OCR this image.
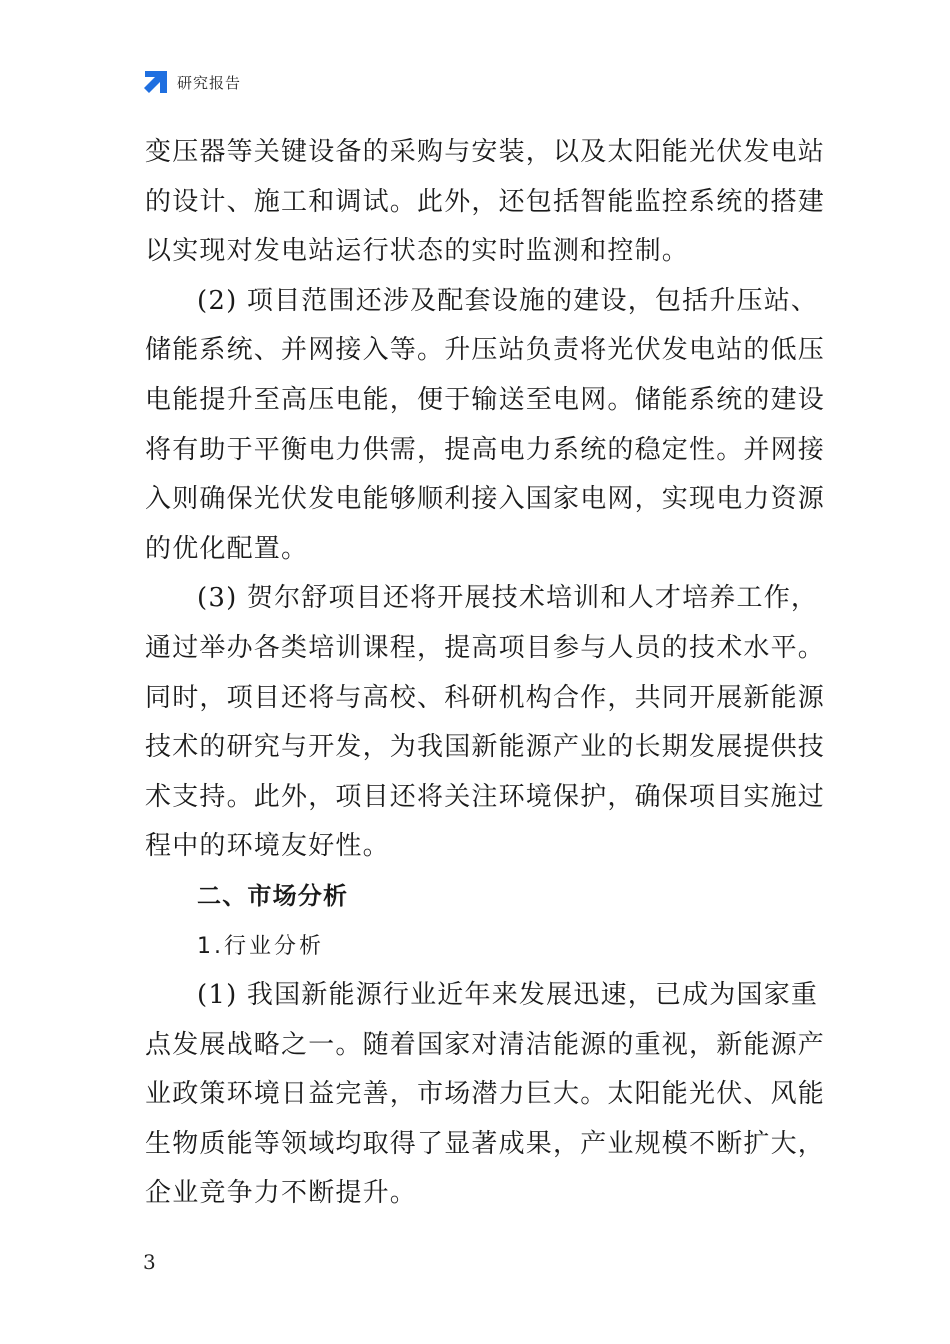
研究报告
变压器等关键设备的采购与安装，以及太阳能光伏发电站
的设计、施工和调试。此外，还包括智能监控系统的搭建
以实现对发电站运行状态的实时监测和控制。
(2) 项目范围还涉及配套设施的建设，包括升压站、
储能系统、并网接入等。升压站负责将光伏发电站的低压
电能提升至高压电能，便于输送至电网。储能系统的建设
将有助于平衡电力供需，提高电力系统的稳定性。并网接
入则确保光伏发电能够顺利接入国家电网，实现电力资源
的优化配置。
(3) 贺尔舒项目还将开展技术培训和人才培养工作，
通过举办各类培训课程，提高项目参与人员的技术水平。
同时，项目还将与高校、科研机构合作，共同开展新能源
技术的研究与开发，为我国新能源产业的长期发展提供技
术支持。此外，项目还将关注环境保护，确保项目实施过
程中的环境友好性。
二、市场分析
1.行业分析
(1) 我国新能源行业近年来发展迅速，已成为国家重
点发展战略之一。随着国家对清洁能源的重视，新能源产
业政策环境日益完善，市场潜力巨大。太阳能光伏、风能
生物质能等领域均取得了显著成果，产业规模不断扩大，
企业竞争力不断提升。
3
